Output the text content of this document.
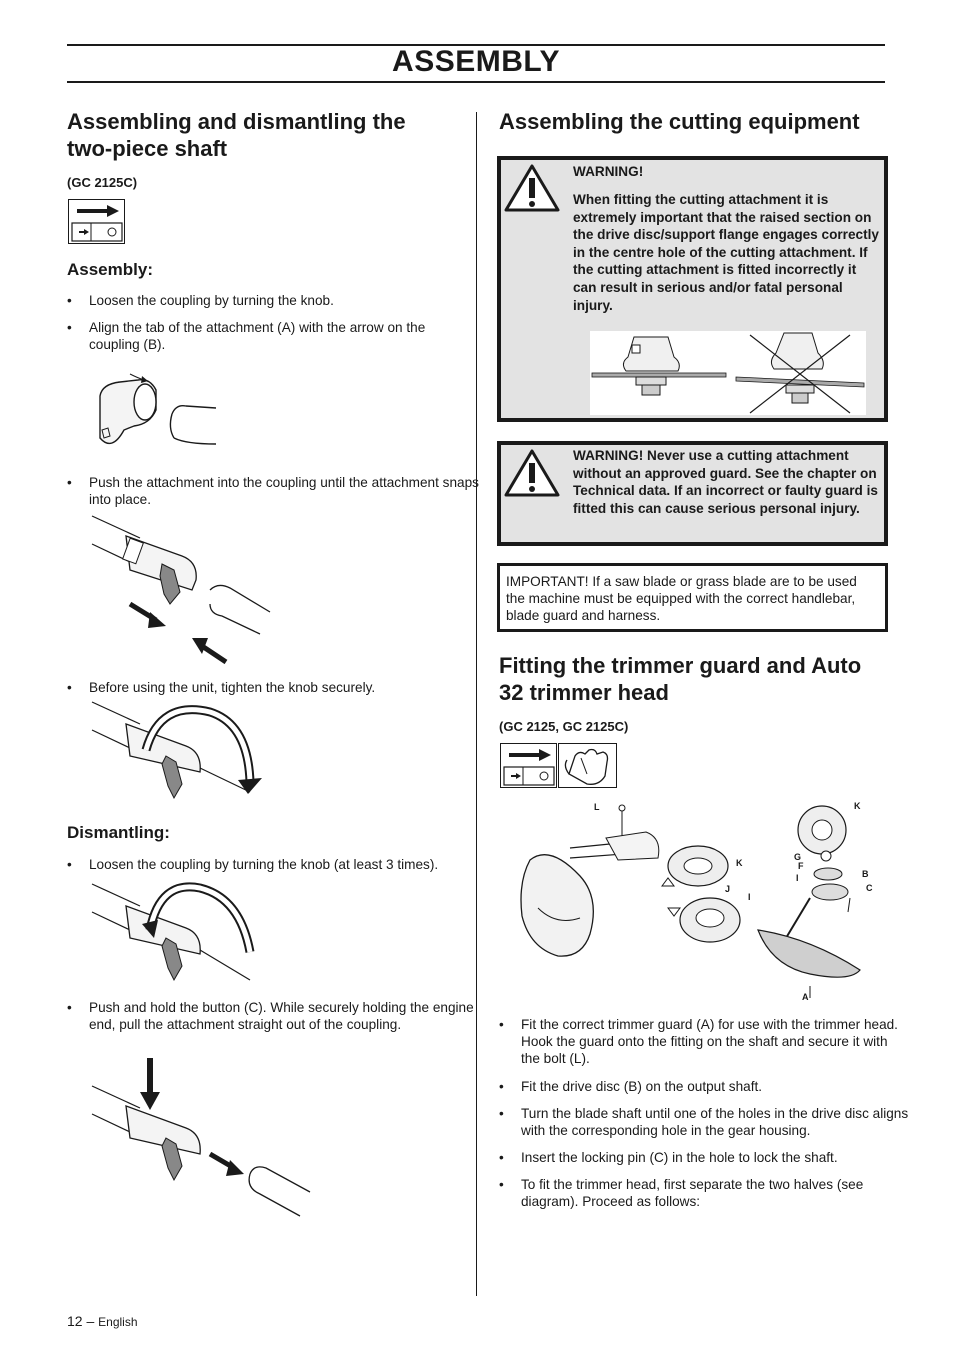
ASSEMBLY
Assembling and dismantling the two-piece shaft
(GC 2125C)
Assembly:
• Loosen the coupling by turning the knob.
• Align the tab of the attachment (A) with the arrow on the coupling (B).
• Push the attachment into the coupling until the attachment snaps into place.
• Before using the unit, tighten the knob securely.
Dismantling:
• Loosen the coupling by turning the knob (at least 3 times).
• Push and hold the button (C). While securely holding the engine end, pull the attachment straight out of the coupling.
Assembling the cutting equipment
WARNING!
When fitting the cutting attachment it is extremely important that the raised section on the drive disc/support flange engages correctly in the centre hole of the cutting attachment. If the cutting attachment is fitted incorrectly it can result in serious and/or fatal personal injury.
WARNING! Never use a cutting attachment without an approved guard. See the chapter on Technical data. If an incorrect or faulty guard is fitted this can cause serious personal injury.
IMPORTANT! If a saw blade or grass blade are to be used the machine must be equipped with the correct handlebar, blade guard and harness.
Fitting the trimmer guard and Auto 32 trimmer head
(GC 2125, GC 2125C)
L
K
J
I
K
G
F
I	B
C
A
• Fit the correct trimmer guard (A) for use with the trimmer head. Hook the guard onto the fitting on the shaft and secure it with the bolt (L).
• Fit the drive disc (B) on the output shaft.
• Turn the blade shaft until one of the holes in the drive disc aligns with the corresponding hole in the gear housing.
• Insert the locking pin (C) in the hole to lock the shaft.
• To fit the trimmer head, first separate the two halves (see diagram). Proceed as follows:
12 – English
